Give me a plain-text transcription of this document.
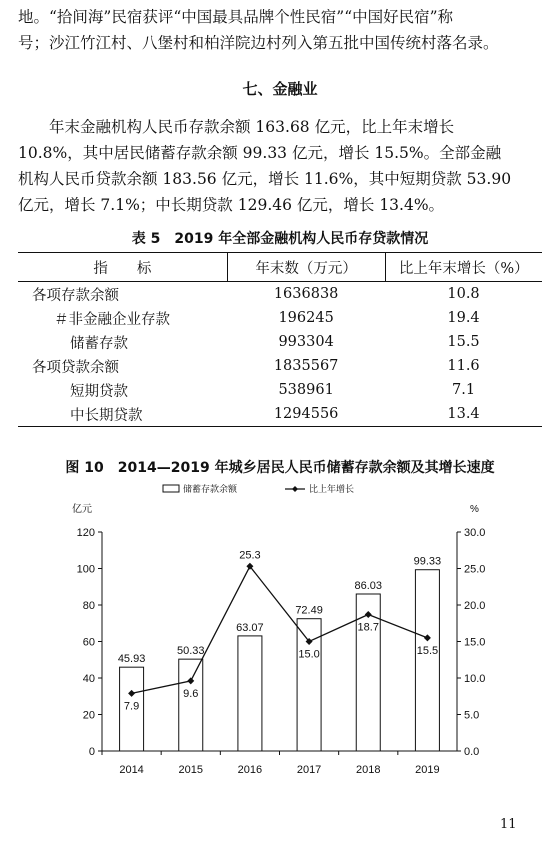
地。“拾间海”民宿获评“中国最具品牌个性民宿”“中国好民宿”称
号；沙江竹江村、八堡村和柏洋院边村列入第五批中国传统村落名录。
七、金融业
　　年末金融机构人民币存款余额 163.68 亿元，比上年末增长
10.8%，其中居民储蓄存款余额 99.33 亿元，增长 15.5%。全部金融
机构人民币贷款余额 183.56 亿元，增长 11.6%，其中短期贷款 53.90
亿元，增长 7.1%；中长期贷款 129.46 亿元，增长 13.4%。
表 5　2019 年全部金融机构人民币存贷款情况
指　　标	年末数（万元）	比上年末增长（%）
各项存款余额	1636838	10.8
＃非金融企业存款	196245	19.4
储蓄存款	993304	15.5
各项贷款余额	1835567	11.6
短期贷款	538961	7.1
中长期贷款	1294556	13.4
图 10　2014—2019 年城乡居民人民币储蓄存款余额及其增长速度
储蓄存款余额	比上年增长
亿元	%
0	0.0
20	5.0
40	10.0
60	15.0
80	20.0
100	25.0
120	30.0
2014
45.93
2015
50.33
2016
63.07
2017
72.49
2018
86.03
2019
99.33
7.9
9.6
25.3
15.0
18.7
15.5
11
